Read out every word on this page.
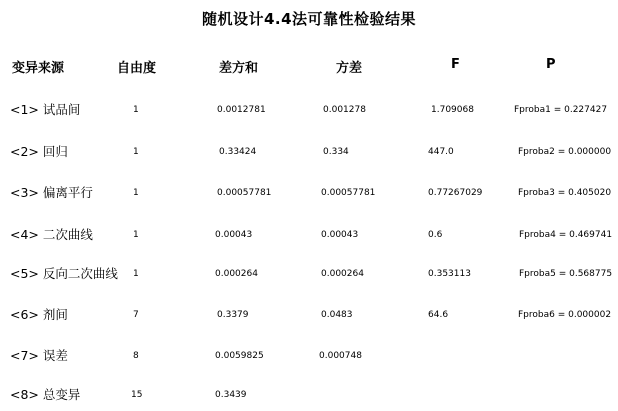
随机设计4.4法可靠性检验结果
变异来源	自由度	差方和	方差	F	P
<1> 试品间	1	0.0012781	0.001278	1.709068	Fproba1 = 0.227427
<2> 回归	1	0.33424	0.334	447.0	Fproba2 = 0.000000
<3> 偏离平行	1	0.00057781	0.00057781	0.77267029	Fproba3 = 0.405020
<4> 二次曲线	1	0.00043	0.00043	0.6	Fproba4 = 0.469741
<5> 反向二次曲线 1	0.000264	0.000264	0.353113	Fproba5 = 0.568775
<6> 剂间	7	0.3379	0.0483	64.6	Fproba6 = 0.000002
<7> 误差	8	0.0059825	0.000748
<8> 总变异	15	0.3439
